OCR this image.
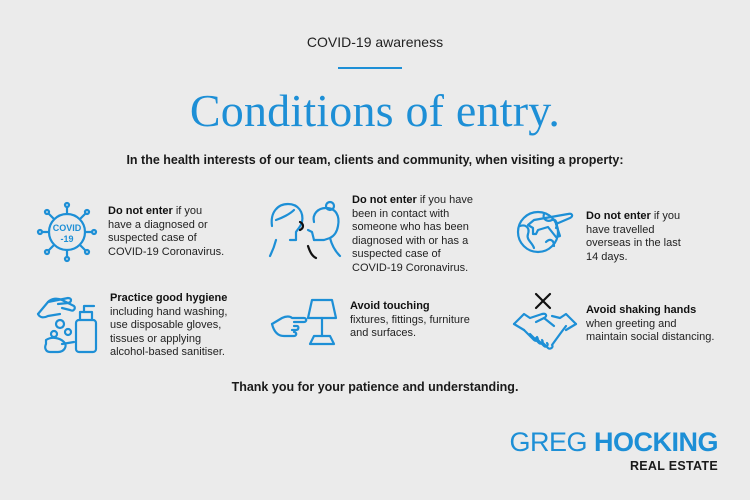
COVID-19 awareness
Conditions of entry.
In the health interests of our team, clients and community, when visiting a property:
COVID
-19
Do not enter if you have a diagnosed or suspected case of COVID-19 Coronavirus.
Do not enter if you have been in contact with someone who has been diagnosed with or has a suspected case of COVID-19 Coronavirus.
Do not enter if you have travelled overseas in the last 14 days.
Practice good hygiene
including hand washing, use disposable gloves, tissues or applying alcohol-based sanitiser.
Avoid touching
fixtures, fittings, furniture and surfaces.
Avoid shaking hands
when greeting and maintain social distancing.
Thank you for your patience and understanding.
GREG HOCKING
REAL ESTATE
